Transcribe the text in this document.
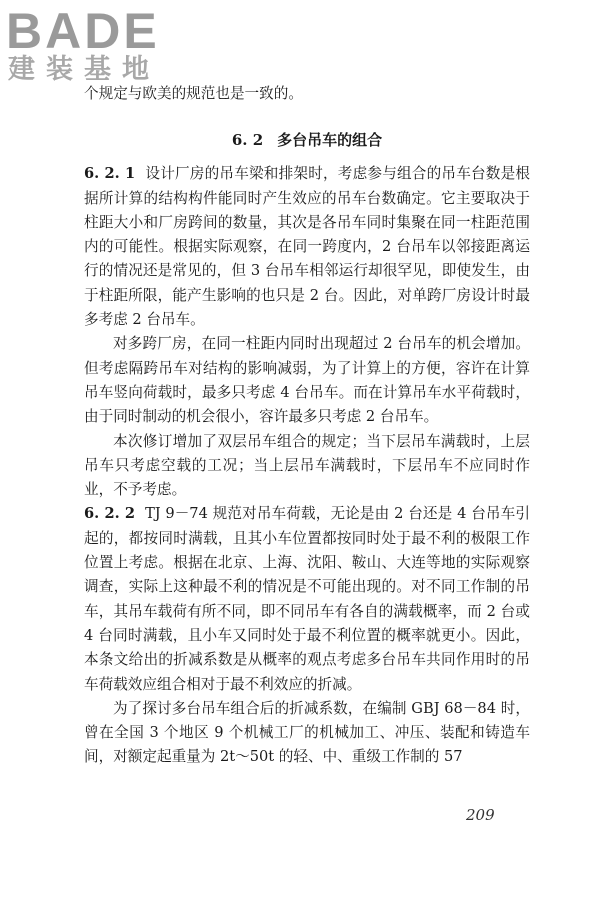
BADE
建装基地

个规定与欧美的规范也是一致的。

6. 2 多台吊车的组合

6. 2. 1 设计厂房的吊车梁和排架时，考虑参与组合的吊车台数是根据所计算的结构构件能同时产生效应的吊车台数确定。它主要取决于柱距大小和厂房跨间的数量，其次是各吊车同时集聚在同一柱距范围内的可能性。根据实际观察，在同一跨度内，2 台吊车以邻接距离运行的情况还是常见的，但 3 台吊车相邻运行却很罕见，即使发生，由于柱距所限，能产生影响的也只是 2 台。因此，对单跨厂房设计时最多考虑 2 台吊车。

对多跨厂房，在同一柱距内同时出现超过 2 台吊车的机会增加。但考虑隔跨吊车对结构的影响减弱，为了计算上的方便，容许在计算吊车竖向荷载时，最多只考虑 4 台吊车。而在计算吊车水平荷载时，由于同时制动的机会很小，容许最多只考虑 2 台吊车。

本次修订增加了双层吊车组合的规定；当下层吊车满载时，上层吊车只考虑空载的工况；当上层吊车满载时，下层吊车不应同时作业，不予考虑。

6. 2. 2 TJ 9－74 规范对吊车荷载，无论是由 2 台还是 4 台吊车引起的，都按同时满载，且其小车位置都按同时处于最不利的极限工作位置上考虑。根据在北京、上海、沈阳、鞍山、大连等地的实际观察调查，实际上这种最不利的情况是不可能出现的。对不同工作制的吊车，其吊车载荷有所不同，即不同吊车有各自的满载概率，而 2 台或 4 台同时满载，且小车又同时处于最不利位置的概率就更小。因此，本条文给出的折减系数是从概率的观点考虑多台吊车共同作用时的吊车荷载效应组合相对于最不利效应的折减。

为了探讨多台吊车组合后的折减系数，在编制 GBJ 68－84 时，曾在全国 3 个地区 9 个机械工厂的机械加工、冲压、装配和铸造车间，对额定起重量为 2t～50t 的轻、中、重级工作制的 57

209
